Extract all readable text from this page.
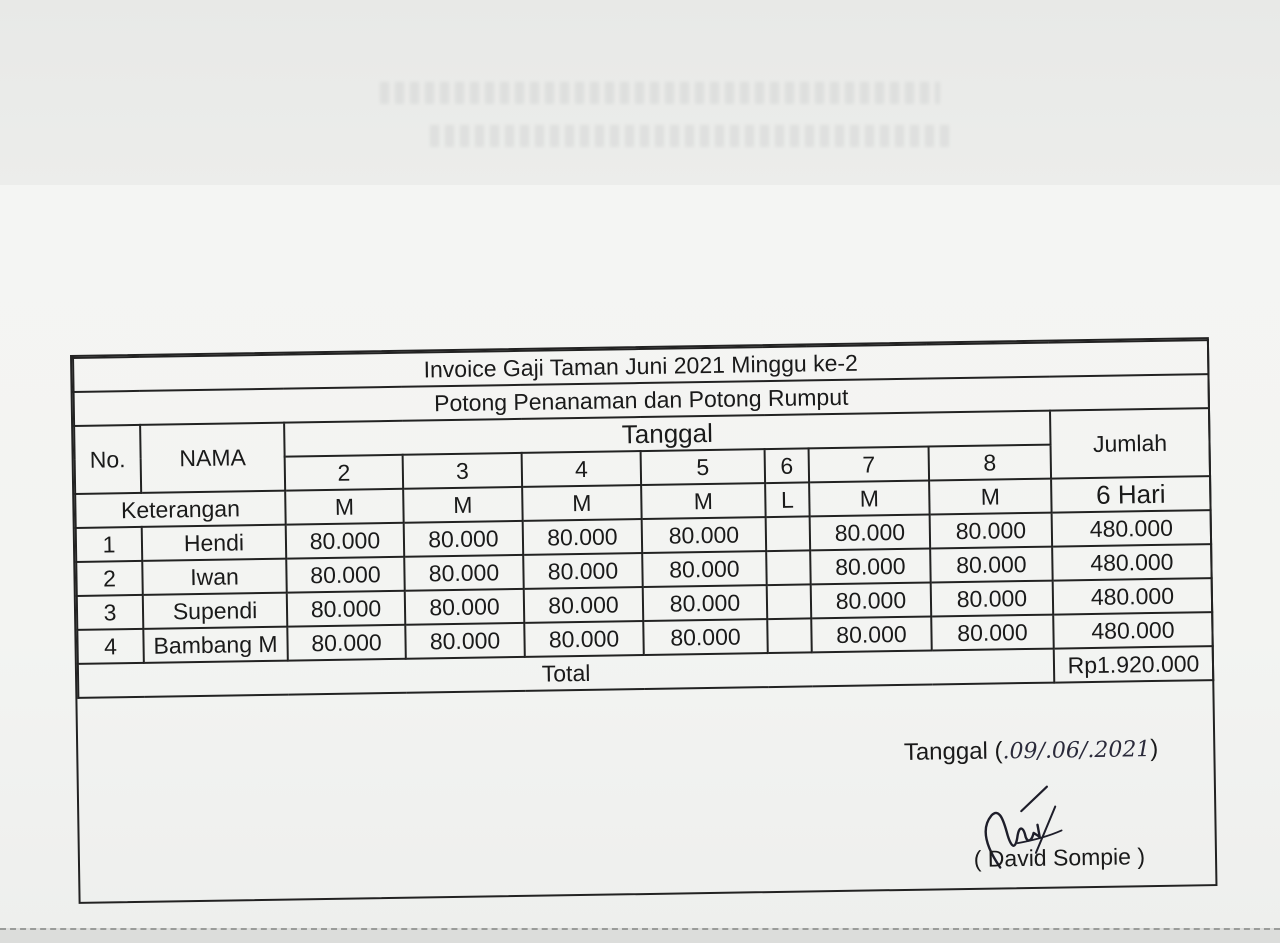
Invoice Gaji Taman Juni 2021 Minggu ke-2									
Potong Penanaman dan Potong Rumput									
No.	NAMA	Tanggal							Jumlah
		2	3	4	5	6	7	8	
Keterangan		M	M	M	M	L	M	M	6 Hari
1	Hendi	80.000	80.000	80.000	80.000		80.000	80.000	480.000
2	Iwan	80.000	80.000	80.000	80.000		80.000	80.000	480.000
3	Supendi	80.000	80.000	80.000	80.000		80.000	80.000	480.000
4	Bambang M	80.000	80.000	80.000	80.000		80.000	80.000	480.000
Total									Rp1.920.000
Tanggal (.09/.06/.2021)
( David Sompie )
